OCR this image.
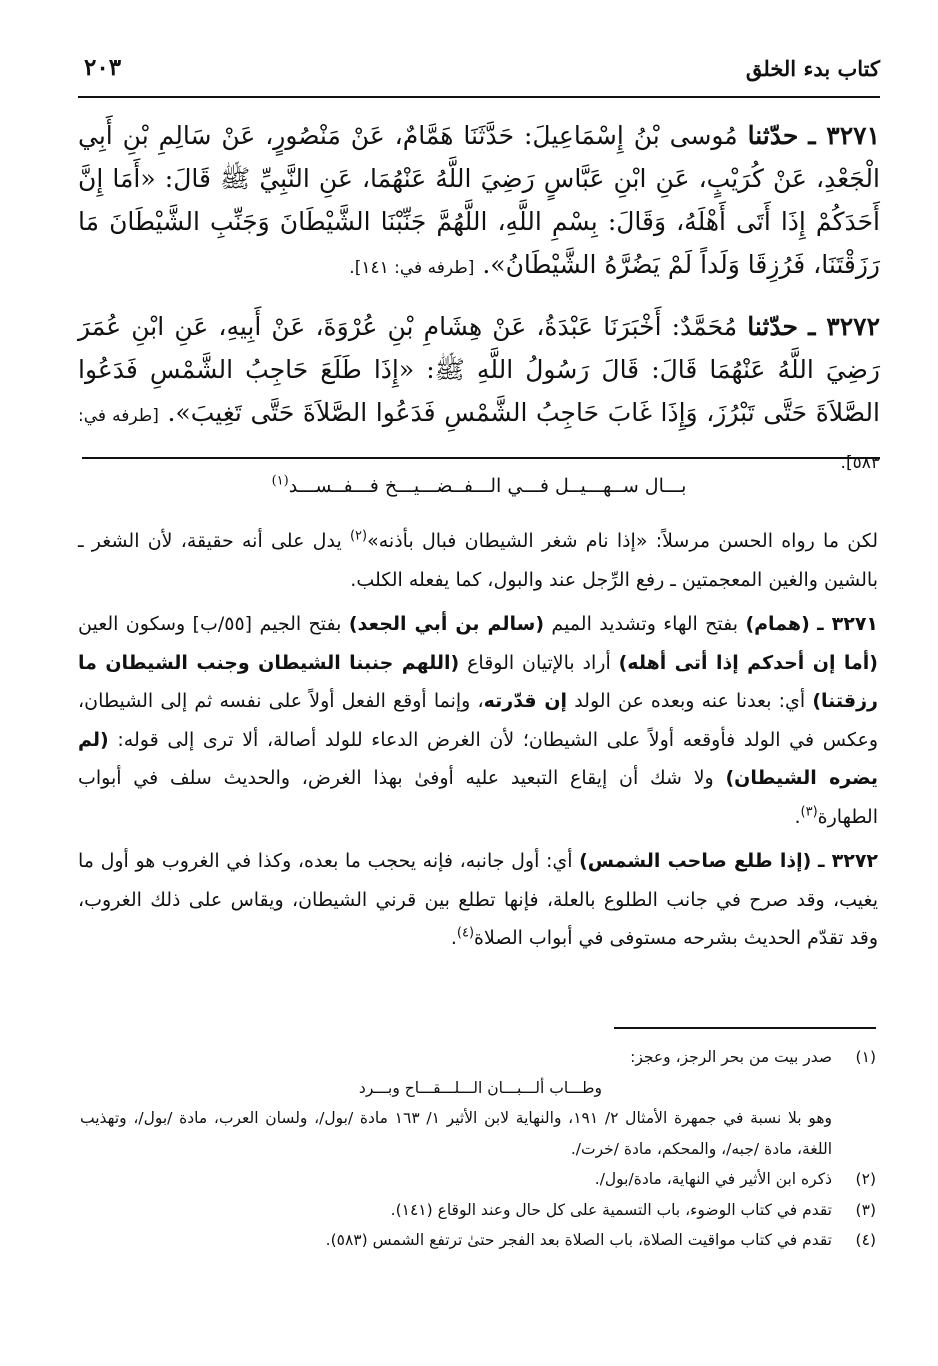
كتاب بدء الخلق
٢٠٣
٣٢٧١ ـ حدّثنا مُوسى بْنُ إِسْمَاعِيلَ: حَدَّثَنَا هَمَّامٌ، عَنْ مَنْصُورٍ، عَنْ سَالِمِ بْنِ أَبِي الْجَعْدِ، عَنْ كُرَيْبٍ، عَنِ ابْنِ عَبَّاسٍ رَضِيَ اللَّهُ عَنْهُمَا، عَنِ النَّبِيِّ ﷺ قَالَ: «أَمَا إِنَّ أَحَدَكُمْ إِذَا أَتَى أَهْلَهُ، وَقَالَ: بِسْمِ اللَّهِ، اللَّهُمَّ جَنِّبْنَا الشَّيْطَانَ وَجَنِّبِ الشَّيْطَانَ مَا رَزَقْتَنَا، فَرُزِقَا وَلَداً لَمْ يَضُرَّهُ الشَّيْطَانُ». [طرفه في: ١٤١].
٣٢٧٢ ـ حدّثنا مُحَمَّدٌ: أَخْبَرَنَا عَبْدَةُ، عَنْ هِشَامِ بْنِ عُرْوَةَ، عَنْ أَبِيهِ، عَنِ ابْنِ عُمَرَ رَضِيَ اللَّهُ عَنْهُمَا قَالَ: قَالَ رَسُولُ اللَّهِ ﷺ: «إِذَا طَلَعَ حَاجِبُ الشَّمْسِ فَدَعُوا الصَّلاَةَ حَتَّى تَبْرُزَ، وَإِذَا غَابَ حَاجِبُ الشَّمْسِ فَدَعُوا الصَّلاَةَ حَتَّى تَغِيبَ». [طرفه في: ٥٨٣].
بـــال ســهـــيــل فـــي الـــفــضـــيـــخ فـــفــســـد$^{(١)}$

لكن ما رواه الحسن مرسلاً: «إذا نام شغر الشيطان فبال بأذنه»$^{(٢)}$ يدل على أنه حقيقة، لأن الشغر ـ بالشين والغين المعجمتين ـ رفع الرِّجل عند والبول، كما يفعله الكلب.

٣٢٧١ ـ (همام) بفتح الهاء وتشديد الميم (سالم بن أبي الجعد) بفتح الجيم [٥٥/ب] وسكون العين (أما إن أحدكم إذا أتى أهله) أراد بالإتيان الوقاع (اللهم جنبنا الشيطان وجنب الشيطان ما رزقتنا) أي: بعدنا عنه وبعده عن الولد إن قدّرته، وإنما أوقع الفعل أولاً على نفسه ثم إلى الشيطان، وعكس في الولد فأوقعه أولاً على الشيطان؛ لأن الغرض الدعاء للولد أصالة، ألا ترى إلى قوله: (لم يضره الشيطان) ولا شك أن إيقاع التبعيد عليه أوفىٰ بهذا الغرض، والحديث سلف في أبواب الطهارة$^{(٣)}$.

٣٢٧٢ ـ (إذا طلع صاحب الشمس) أي: أول جانبه، فإنه يحجب ما بعده، وكذا في الغروب هو أول ما يغيب، وقد صرح في جانب الطلوع بالعلة، فإنها تطلع بين قرني الشيطان، ويقاس على ذلك الغروب، وقد تقدّم الحديث بشرحه مستوفى في أبواب الصلاة$^{(٤)}$.

(١)
صدر بيت من بحر الرجز، وعجز:
وطـــاب ألـــبـــان الـــلـــقـــاح وبـــرد
وهو بلا نسبة في جمهرة الأمثال ٢/ ١٩١، والنهاية لابن الأثير ١/ ١٦٣ مادة /بول/، ولسان العرب، مادة /بول/، وتهذيب اللغة، مادة /جبه/، والمحكم، مادة /خرت/.
(٢)
ذكره ابن الأثير في النهاية، مادة/بول/.
(٣)
تقدم في كتاب الوضوء، باب التسمية على كل حال وعند الوقاع (١٤١).
(٤)
تقدم في كتاب مواقيت الصلاة، باب الصلاة بعد الفجر حتىٰ ترتفع الشمس (٥٨٣).
